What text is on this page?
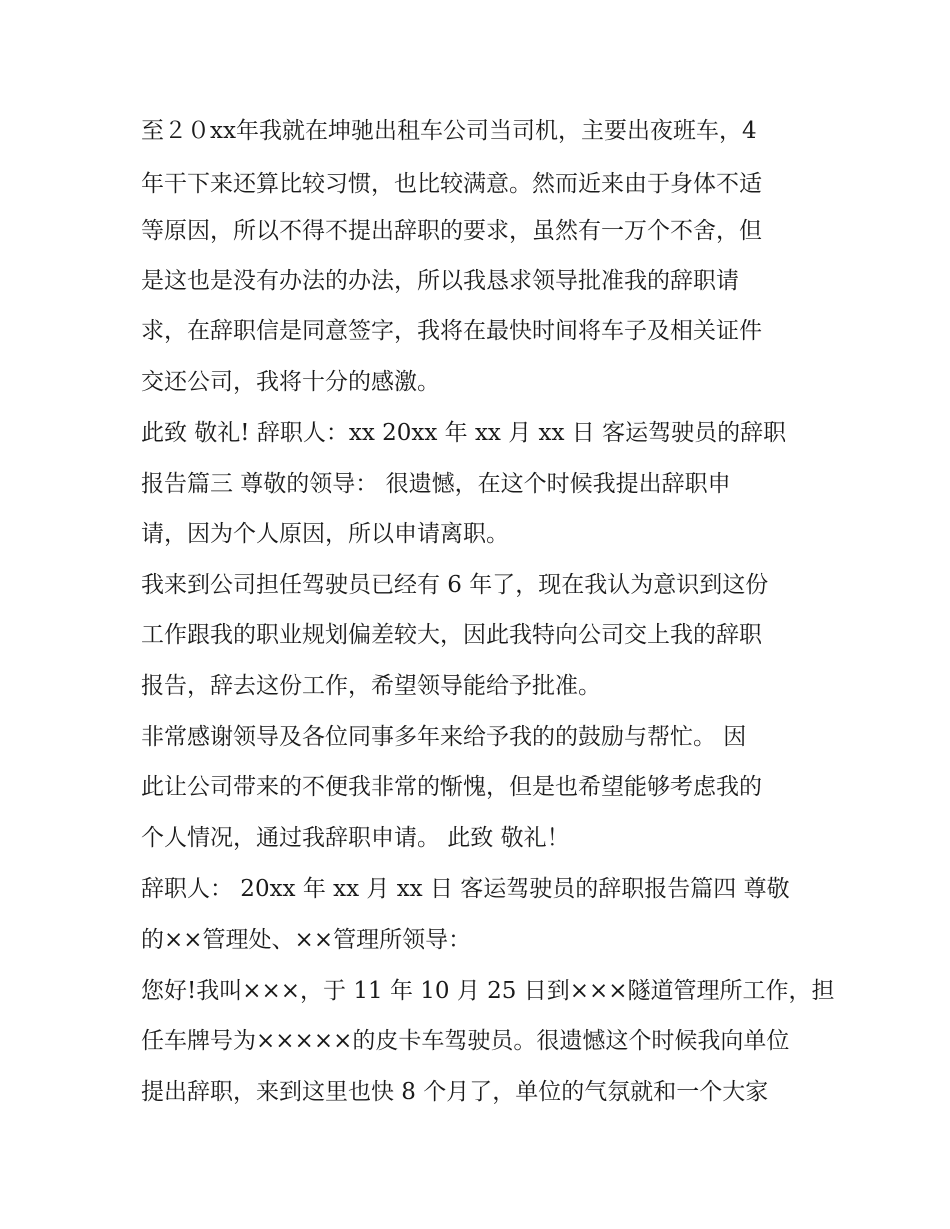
至２０xx年我就在坤驰出租车公司当司机，主要出夜班车，4
年干下来还算比较习惯，也比较满意。然而近来由于身体不适
等原因，所以不得不提出辞职的要求，虽然有一万个不舍，但
是这也是没有办法的办法，所以我恳求领导批准我的辞职请
求，在辞职信是同意签字，我将在最快时间将车子及相关证件
交还公司，我将十分的感激。
此致 敬礼! 辞职人：xx 20xx 年 xx 月 xx 日 客运驾驶员的辞职
报告篇三 尊敬的领导： 很遗憾，在这个时候我提出辞职申
请，因为个人原因，所以申请离职。
我来到公司担任驾驶员已经有 6 年了，现在我认为意识到这份
工作跟我的职业规划偏差较大，因此我特向公司交上我的辞职
报告，辞去这份工作，希望领导能给予批准。
非常感谢领导及各位同事多年来给予我的的鼓励与帮忙。 因
此让公司带来的不便我非常的惭愧，但是也希望能够考虑我的
个人情况，通过我辞职申请。 此致 敬礼！
辞职人： 20xx 年 xx 月 xx 日 客运驾驶员的辞职报告篇四 尊敬
的××管理处、××管理所领导：
您好!我叫×××，于 11 年 10 月 25 日到×××隧道管理所工作，担
任车牌号为×××××的皮卡车驾驶员。很遗憾这个时候我向单位
提出辞职，来到这里也快 8 个月了，单位的气氛就和一个大家
